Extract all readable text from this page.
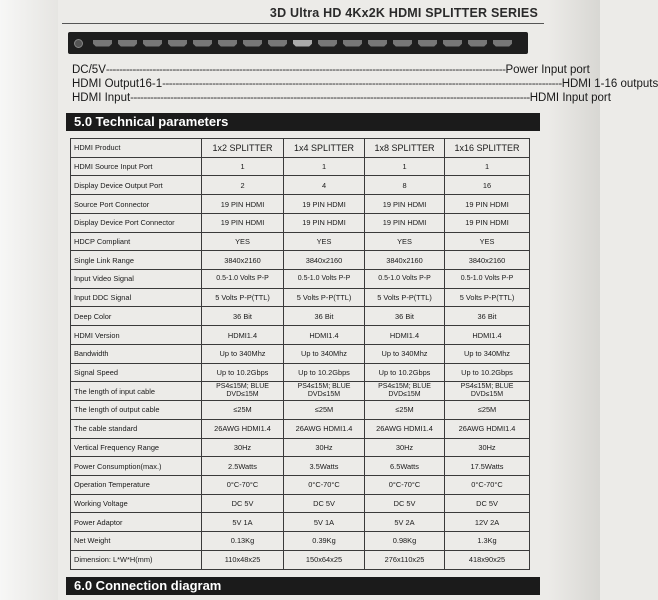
3D Ultra HD 4Kx2K HDMI SPLITTER SERIES
DC/5V ------------------------------------------------------------------------------------------------------------------------ Power Input port
HDMI Output16-1 ------------------------------------------------------------------------------------------------------------------------ HDMI 1-16 outputs
HDMI Input ------------------------------------------------------------------------------------------------------------------------ HDMI Input port
5.0 Technical parameters
HDMI Product	1x2 SPLITTER	1x4 SPLITTER	1x8 SPLITTER	1x16 SPLITTER
HDMI Source Input Port	1	1	1	1
Display Device Output Port	2	4	8	16
Source Port Connector	19 PIN HDMI	19 PIN HDMI	19 PIN HDMI	19 PIN HDMI
Display Device Port Connector	19 PIN HDMI	19 PIN HDMI	19 PIN HDMI	19 PIN HDMI
HDCP Compliant	YES	YES	YES	YES
Single Link Range	3840x2160	3840x2160	3840x2160	3840x2160
Input Video Signal	0.5-1.0 Volts P-P	0.5-1.0 Volts P-P	0.5-1.0 Volts P-P	0.5-1.0 Volts P-P
Input DDC Signal	5 Volts P-P(TTL)	5 Volts P-P(TTL)	5 Volts P-P(TTL)	5 Volts P-P(TTL)
Deep Color	36 Bit	36 Bit	36 Bit	36 Bit
HDMI Version	HDMI1.4	HDMI1.4	HDMI1.4	HDMI1.4
Bandwidth	Up to 340Mhz	Up to 340Mhz	Up to 340Mhz	Up to 340Mhz
Signal Speed	Up to 10.2Gbps	Up to 10.2Gbps	Up to 10.2Gbps	Up to 10.2Gbps
The length of input cable	PS4≤15M; BLUE DVD≤15M	PS4≤15M; BLUE DVD≤15M	PS4≤15M; BLUE DVD≤15M	PS4≤15M; BLUE DVD≤15M
The length of output cable	≤25M	≤25M	≤25M	≤25M
The cable standard	26AWG HDMI1.4	26AWG HDMI1.4	26AWG HDMI1.4	26AWG HDMI1.4
Vertical Frequency Range	30Hz	30Hz	30Hz	30Hz
Power Consumption(max.)	2.5Watts	3.5Watts	6.5Watts	17.5Watts
Operation Temperature	0°C-70°C	0°C-70°C	0°C-70°C	0°C-70°C
Working Voltage	DC 5V	DC 5V	DC 5V	DC 5V
Power Adaptor	5V 1A	5V 1A	5V 2A	12V 2A
Net Weight	0.13Kg	0.39Kg	0.98Kg	1.3Kg
Dimension: L*W*H(mm)	110x48x25	150x64x25	276x110x25	418x90x25
6.0 Connection diagram
